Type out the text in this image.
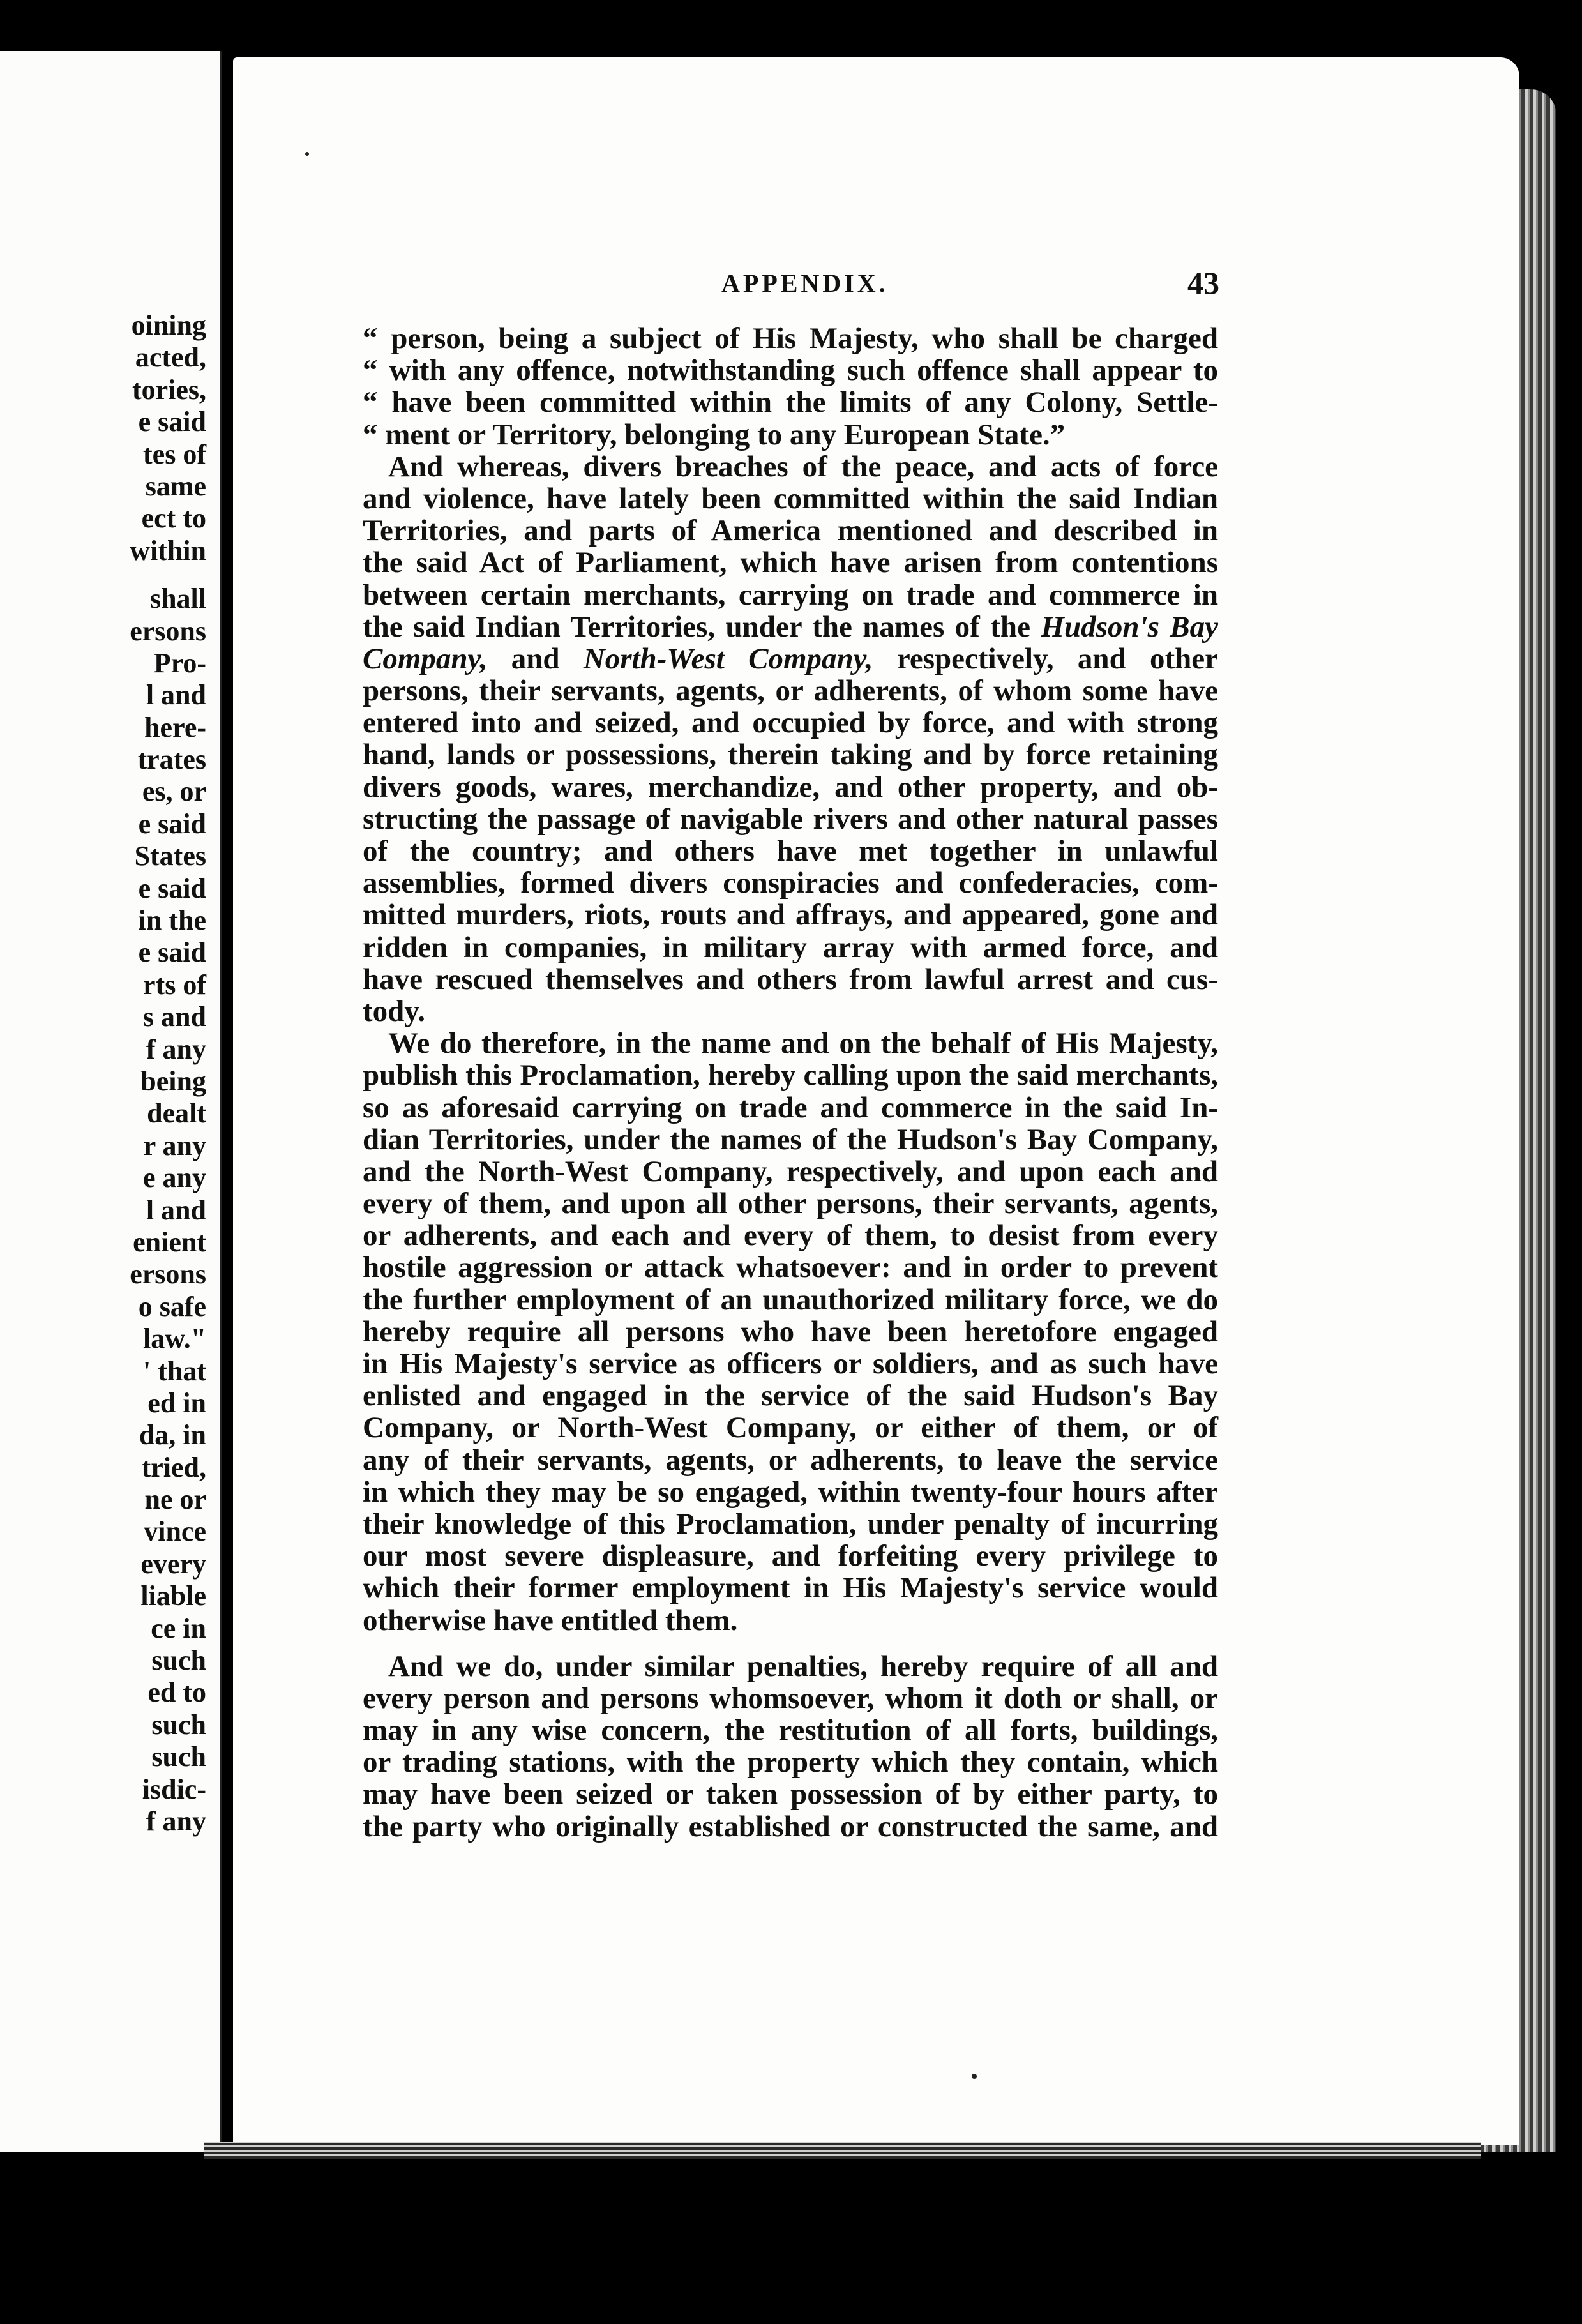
oining
acted,
tories,
e said
tes of
same
ect to
within
shall
ersons
Pro-
l and
here-
trates
es, or
e said
States
e said
in the
e said
rts of
s and
f any
being
dealt
r any
e any
l and
enient
ersons
o safe
law."
' that
ed in
da, in
tried,
ne or
vince
every
liable
ce in
such
ed to
such
such
isdic-
f any
APPENDIX.	43
“ person, being a subject of His Majesty, who shall be charged
“ with any offence, notwithstanding such offence shall appear to
“ have been committed within the limits of any Colony, Settle-
“ ment or Territory, belonging to any European State.”
And whereas, divers breaches of the peace, and acts of force
and violence, have lately been committed within the said Indian
Territories, and parts of America mentioned and described in
the said Act of Parliament, which have arisen from contentions
between certain merchants, carrying on trade and commerce in
the said Indian Territories, under the names of the Hudson's Bay
Company, and North-West Company, respectively, and other
persons, their servants, agents, or adherents, of whom some have
entered into and seized, and occupied by force, and with strong
hand, lands or possessions, therein taking and by force retaining
divers goods, wares, merchandize, and other property, and ob-
structing the passage of navigable rivers and other natural passes
of the country; and others have met together in unlawful
assemblies, formed divers conspiracies and confederacies, com-
mitted murders, riots, routs and affrays, and appeared, gone and
ridden in companies, in military array with armed force, and
have rescued themselves and others from lawful arrest and cus-
tody.
We do therefore, in the name and on the behalf of His Majesty,
publish this Proclamation, hereby calling upon the said merchants,
so as aforesaid carrying on trade and commerce in the said In-
dian Territories, under the names of the Hudson's Bay Company,
and the North-West Company, respectively, and upon each and
every of them, and upon all other persons, their servants, agents,
or adherents, and each and every of them, to desist from every
hostile aggression or attack whatsoever: and in order to prevent
the further employment of an unauthorized military force, we do
hereby require all persons who have been heretofore engaged
in His Majesty's service as officers or soldiers, and as such have
enlisted and engaged in the service of the said Hudson's Bay
Company, or North-West Company, or either of them, or of
any of their servants, agents, or adherents, to leave the service
in which they may be so engaged, within twenty-four hours after
their knowledge of this Proclamation, under penalty of incurring
our most severe displeasure, and forfeiting every privilege to
which their former employment in His Majesty's service would
otherwise have entitled them.
And we do, under similar penalties, hereby require of all and
every person and persons whomsoever, whom it doth or shall, or
may in any wise concern, the restitution of all forts, buildings,
or trading stations, with the property which they contain, which
may have been seized or taken possession of by either party, to
the party who originally established or constructed the same, and
